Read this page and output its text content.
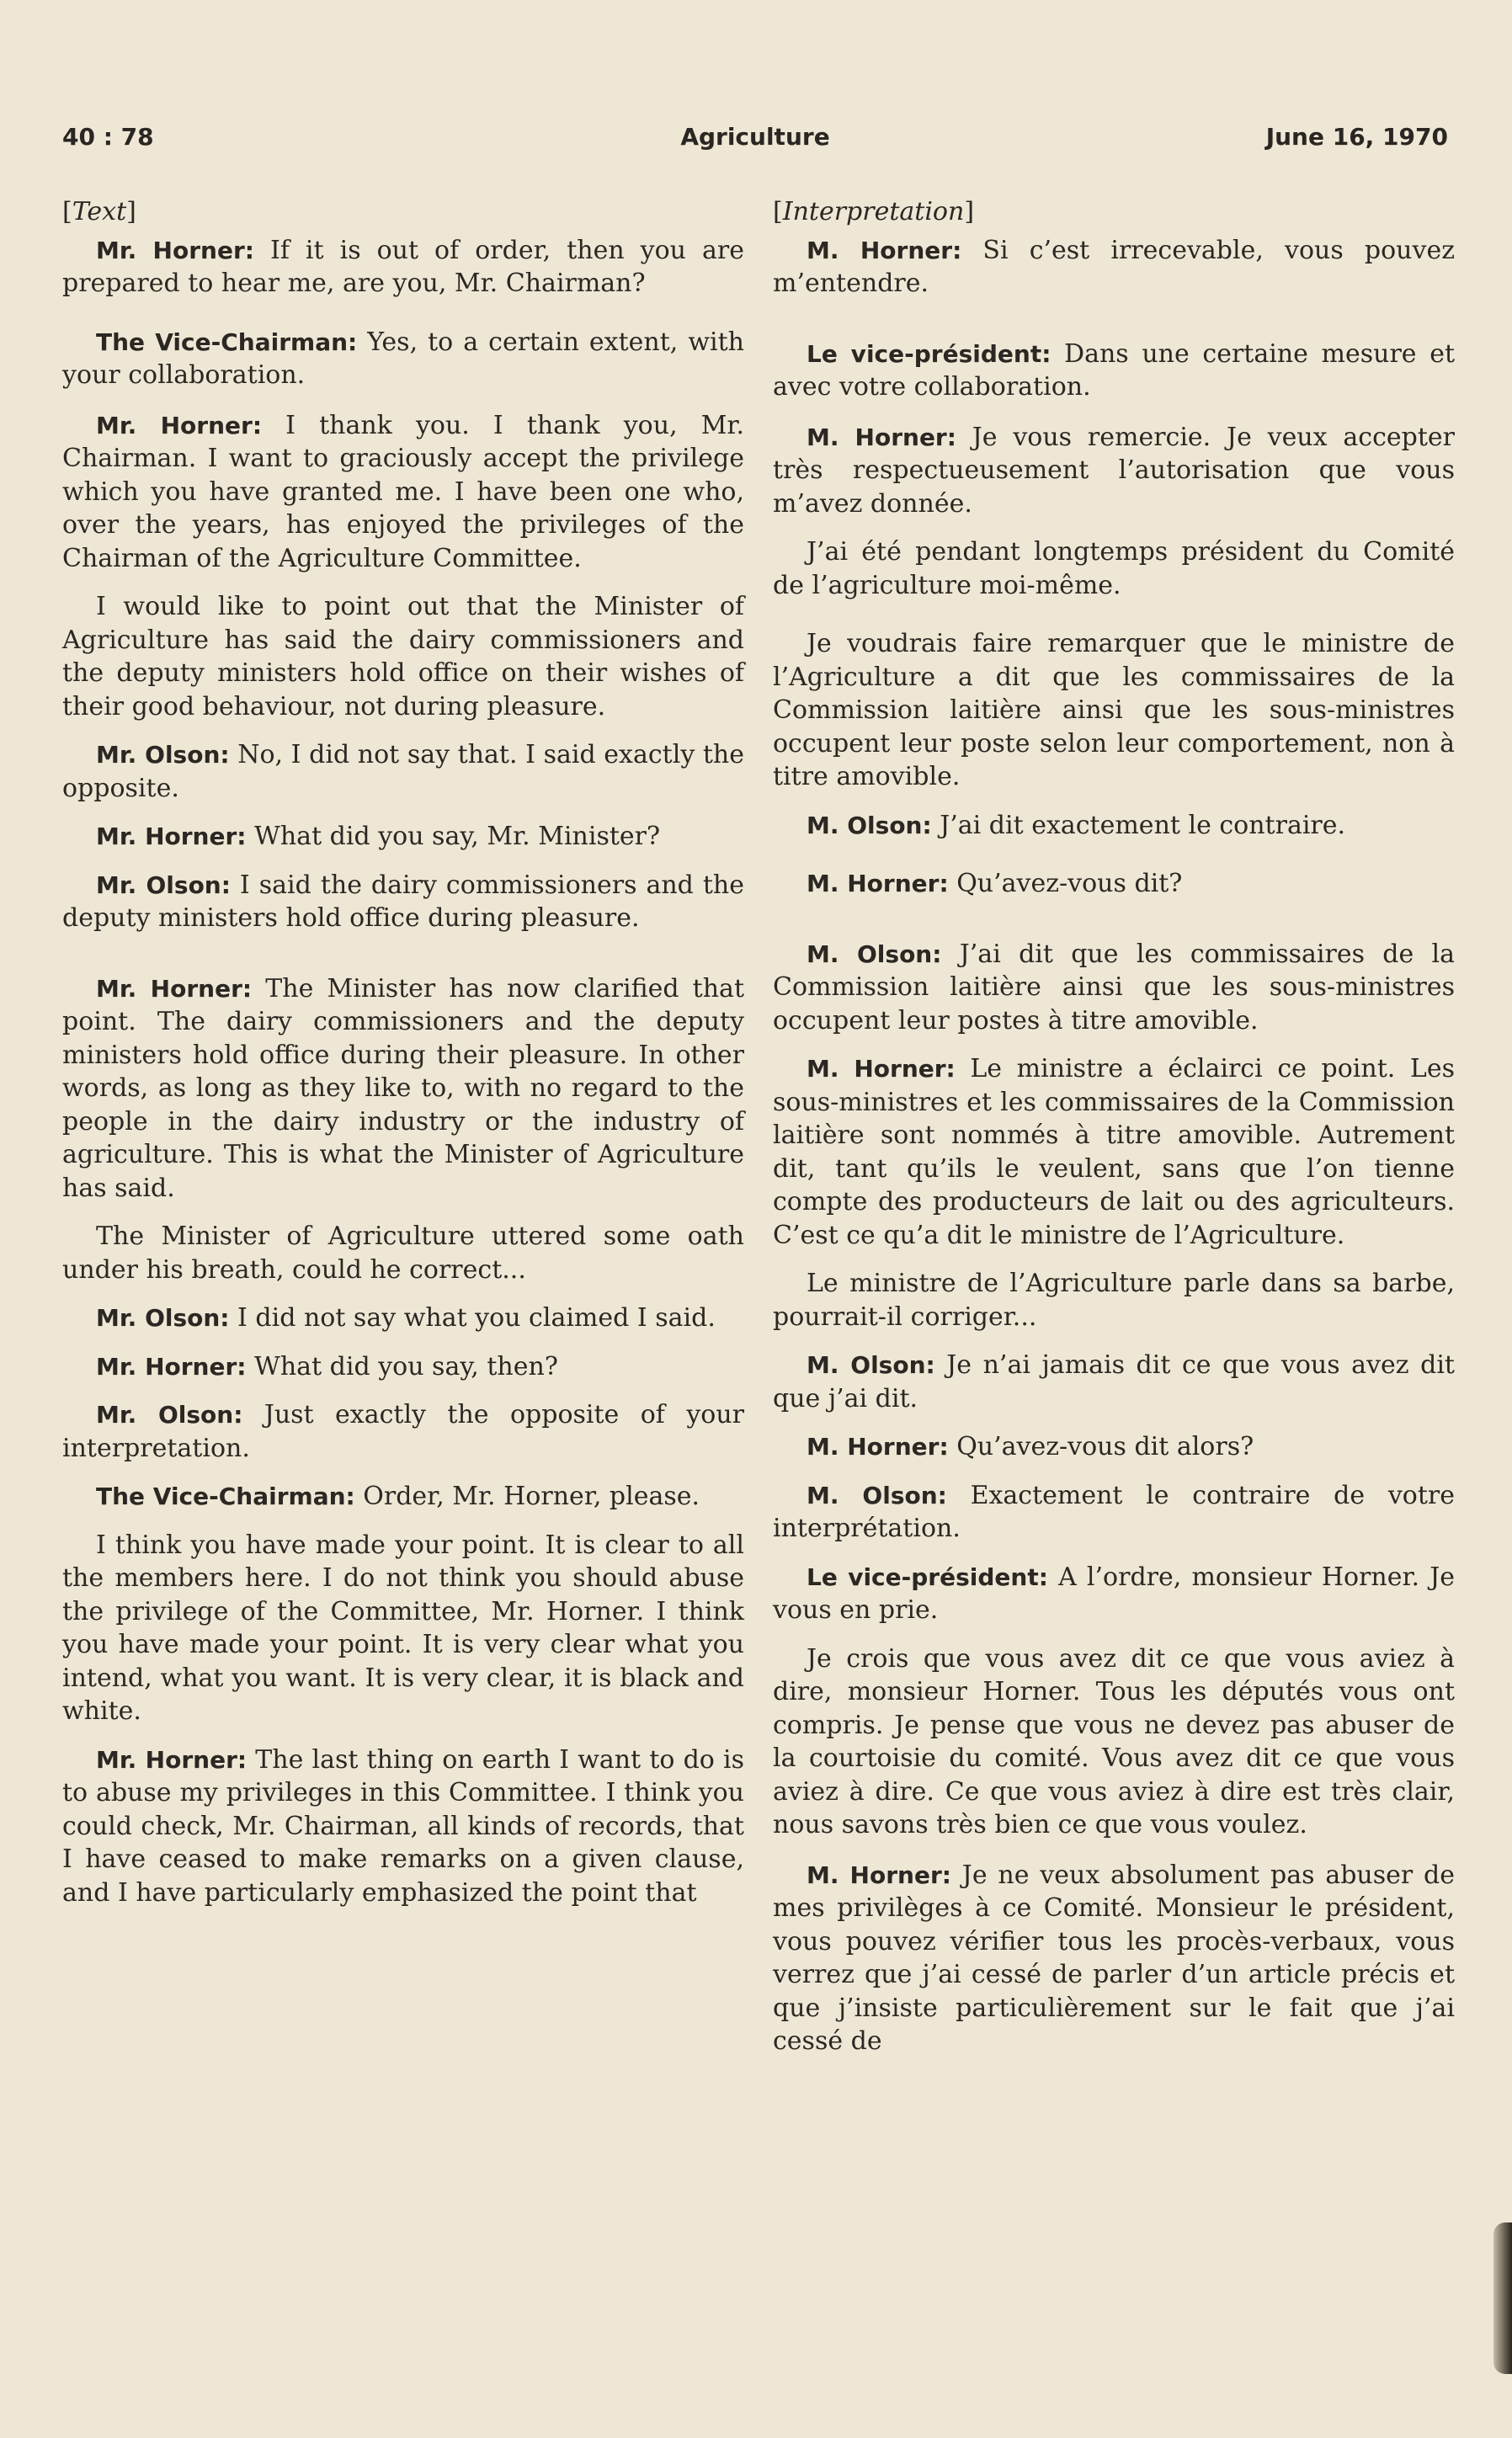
40 : 78	Agriculture	June 16, 1970

[Text]

Mr. Horner: If it is out of order, then you are prepared to hear me, are you, Mr. Chairman?

The Vice-Chairman: Yes, to a certain extent, with your collaboration.

Mr. Horner: I thank you. I thank you, Mr. Chairman. I want to graciously accept the privilege which you have granted me. I have been one who, over the years, has enjoyed the privileges of the Chairman of the Agriculture Committee.

I would like to point out that the Minister of Agriculture has said the dairy commissioners and the deputy ministers hold office on their wishes of their good behaviour, not during pleasure.

Mr. Olson: No, I did not say that. I said exactly the opposite.

Mr. Horner: What did you say, Mr. Minister?

Mr. Olson: I said the dairy commissioners and the deputy ministers hold office during pleasure.

Mr. Horner: The Minister has now clarified that point. The dairy commissioners and the deputy ministers hold office during their pleasure. In other words, as long as they like to, with no regard to the people in the dairy industry or the industry of agriculture. This is what the Minister of Agriculture has said.

The Minister of Agriculture uttered some oath under his breath, could he correct...

Mr. Olson: I did not say what you claimed I said.

Mr. Horner: What did you say, then?

Mr. Olson: Just exactly the opposite of your interpretation.

The Vice-Chairman: Order, Mr. Horner, please.

I think you have made your point. It is clear to all the members here. I do not think you should abuse the privilege of the Committee, Mr. Horner. I think you have made your point. It is very clear what you intend, what you want. It is very clear, it is black and white.

Mr. Horner: The last thing on earth I want to do is to abuse my privileges in this Committee. I think you could check, Mr. Chairman, all kinds of records, that I have ceased to make remarks on a given clause, and I have particularly emphasized the point that

[Interpretation]

M. Horner: Si c’est irrecevable, vous pouvez m’entendre.

Le vice-président: Dans une certaine mesure et avec votre collaboration.

M. Horner: Je vous remercie. Je veux accepter très respectueusement l’autorisation que vous m’avez donnée.

J’ai été pendant longtemps président du Comité de l’agriculture moi-même.

Je voudrais faire remarquer que le ministre de l’Agriculture a dit que les commissaires de la Commission laitière ainsi que les sous-ministres occupent leur poste selon leur comportement, non à titre amovible.

M. Olson: J’ai dit exactement le contraire.

M. Horner: Qu’avez-vous dit?

M. Olson: J’ai dit que les commissaires de la Commission laitière ainsi que les sous-ministres occupent leur postes à titre amovible.

M. Horner: Le ministre a éclairci ce point. Les sous-ministres et les commissaires de la Commission laitière sont nommés à titre amovible. Autrement dit, tant qu’ils le veulent, sans que l’on tienne compte des producteurs de lait ou des agriculteurs. C’est ce qu’a dit le ministre de l’Agriculture.

Le ministre de l’Agriculture parle dans sa barbe, pourrait-il corriger...

M. Olson: Je n’ai jamais dit ce que vous avez dit que j’ai dit.

M. Horner: Qu’avez-vous dit alors?

M. Olson: Exactement le contraire de votre interprétation.

Le vice-président: A l’ordre, monsieur Horner. Je vous en prie.

Je crois que vous avez dit ce que vous aviez à dire, monsieur Horner. Tous les députés vous ont compris. Je pense que vous ne devez pas abuser de la courtoisie du comité. Vous avez dit ce que vous aviez à dire. Ce que vous aviez à dire est très clair, nous savons très bien ce que vous voulez.

M. Horner: Je ne veux absolument pas abuser de mes privilèges à ce Comité. Monsieur le président, vous pouvez vérifier tous les procès-verbaux, vous verrez que j’ai cessé de parler d’un article précis et que j’insiste particulièrement sur le fait que j’ai cessé de
